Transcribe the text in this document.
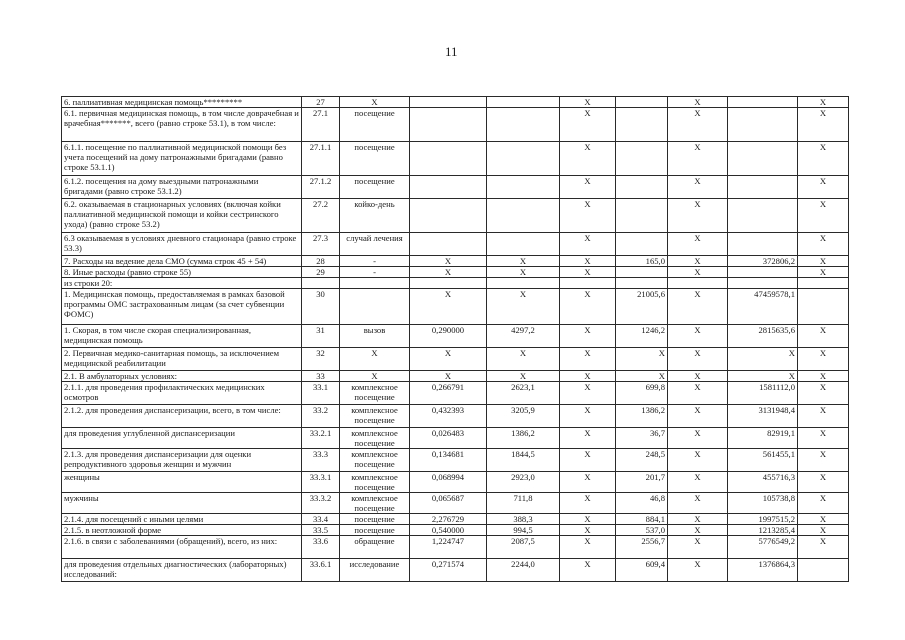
11
6. паллиативная медицинская помощь*********	27	Х			Х		Х		Х
6.1. первичная медицинская помощь, в том числе доврачебная и врачебная*******, всего (равно строке 53.1), в том числе:	27.1	посещение			Х		Х		Х
6.1.1. посещение по паллиативной медицинской помощи без учета посещений на дому патронажными бригадами (равно строке 53.1.1)	27.1.1	посещение			Х		Х		Х
6.1.2. посещения на дому выездными патронажными бригадами (равно строке 53.1.2)	27.1.2	посещение			Х		Х		Х
6.2. оказываемая в стационарных условиях (включая койки паллиативной медицинской помощи и койки сестринского ухода) (равно строке 53.2)	27.2	койко-день			Х		Х		Х
6.3 оказываемая в условиях дневного стационара (равно строке 53.3)	27.3	случай лечения			Х		Х		Х
7. Расходы на ведение дела СМО (сумма строк 45 + 54)	28	-	Х	Х	Х	165,0	Х	372806,2	Х
8. Иные расходы (равно строке 55)	29	-	Х	Х	Х		Х		Х
из строки 20:									
1. Медицинская помощь, предоставляемая в рамках базовой программы ОМС застрахованным лицам (за счет субвенции ФОМС)	30		Х	Х	Х	21005,6	Х	47459578,1	
1. Скорая, в том числе скорая специализированная, медицинская помощь	31	вызов	0,290000	4297,2	Х	1246,2	Х	2815635,6	Х
2. Первичная медико-санитарная помощь, за исключением медицинской реабилитации	32	Х	Х	Х	Х	Х	Х	Х	Х
2.1. В амбулаторных условиях:	33	Х	Х	Х	Х	Х	Х	Х	Х
2.1.1. для проведения профилактических медицинских осмотров	33.1	комплексное посещение	0,266791	2623,1	Х	699,8	Х	1581112,0	Х
2.1.2. для проведения диспансеризации, всего, в том числе:	33.2	комплексное посещение	0,432393	3205,9	Х	1386,2	Х	3131948,4	Х
для проведения углубленной диспансеризации	33.2.1	комплексное посещение	0,026483	1386,2	Х	36,7	Х	82919,1	Х
2.1.3. для проведения диспансеризации для оценки репродуктивного здоровья женщин и мужчин	33.3	комплексное посещение	0,134681	1844,5	Х	248,5	Х	561455,1	Х
женщины	33.3.1	комплексное посещение	0,068994	2923,0	Х	201,7	Х	455716,3	Х
мужчины	33.3.2	комплексное посещение	0,065687	711,8	Х	46,8	Х	105738,8	Х
2.1.4. для посещений с иными целями	33.4	посещение	2,276729	388,3	Х	884,1	Х	1997515,2	Х
2.1.5. в неотложной форме	33.5	посещение	0,540000	994,5	Х	537,0	Х	1213285,4	Х
2.1.6. в связи с заболеваниями (обращений), всего, из них:	33.6	обращение	1,224747	2087,5	Х	2556,7	Х	5776549,2	Х
для проведения отдельных диагностических (лабораторных) исследований:	33.6.1	исследование	0,271574	2244,0	Х	609,4	Х	1376864,3	
